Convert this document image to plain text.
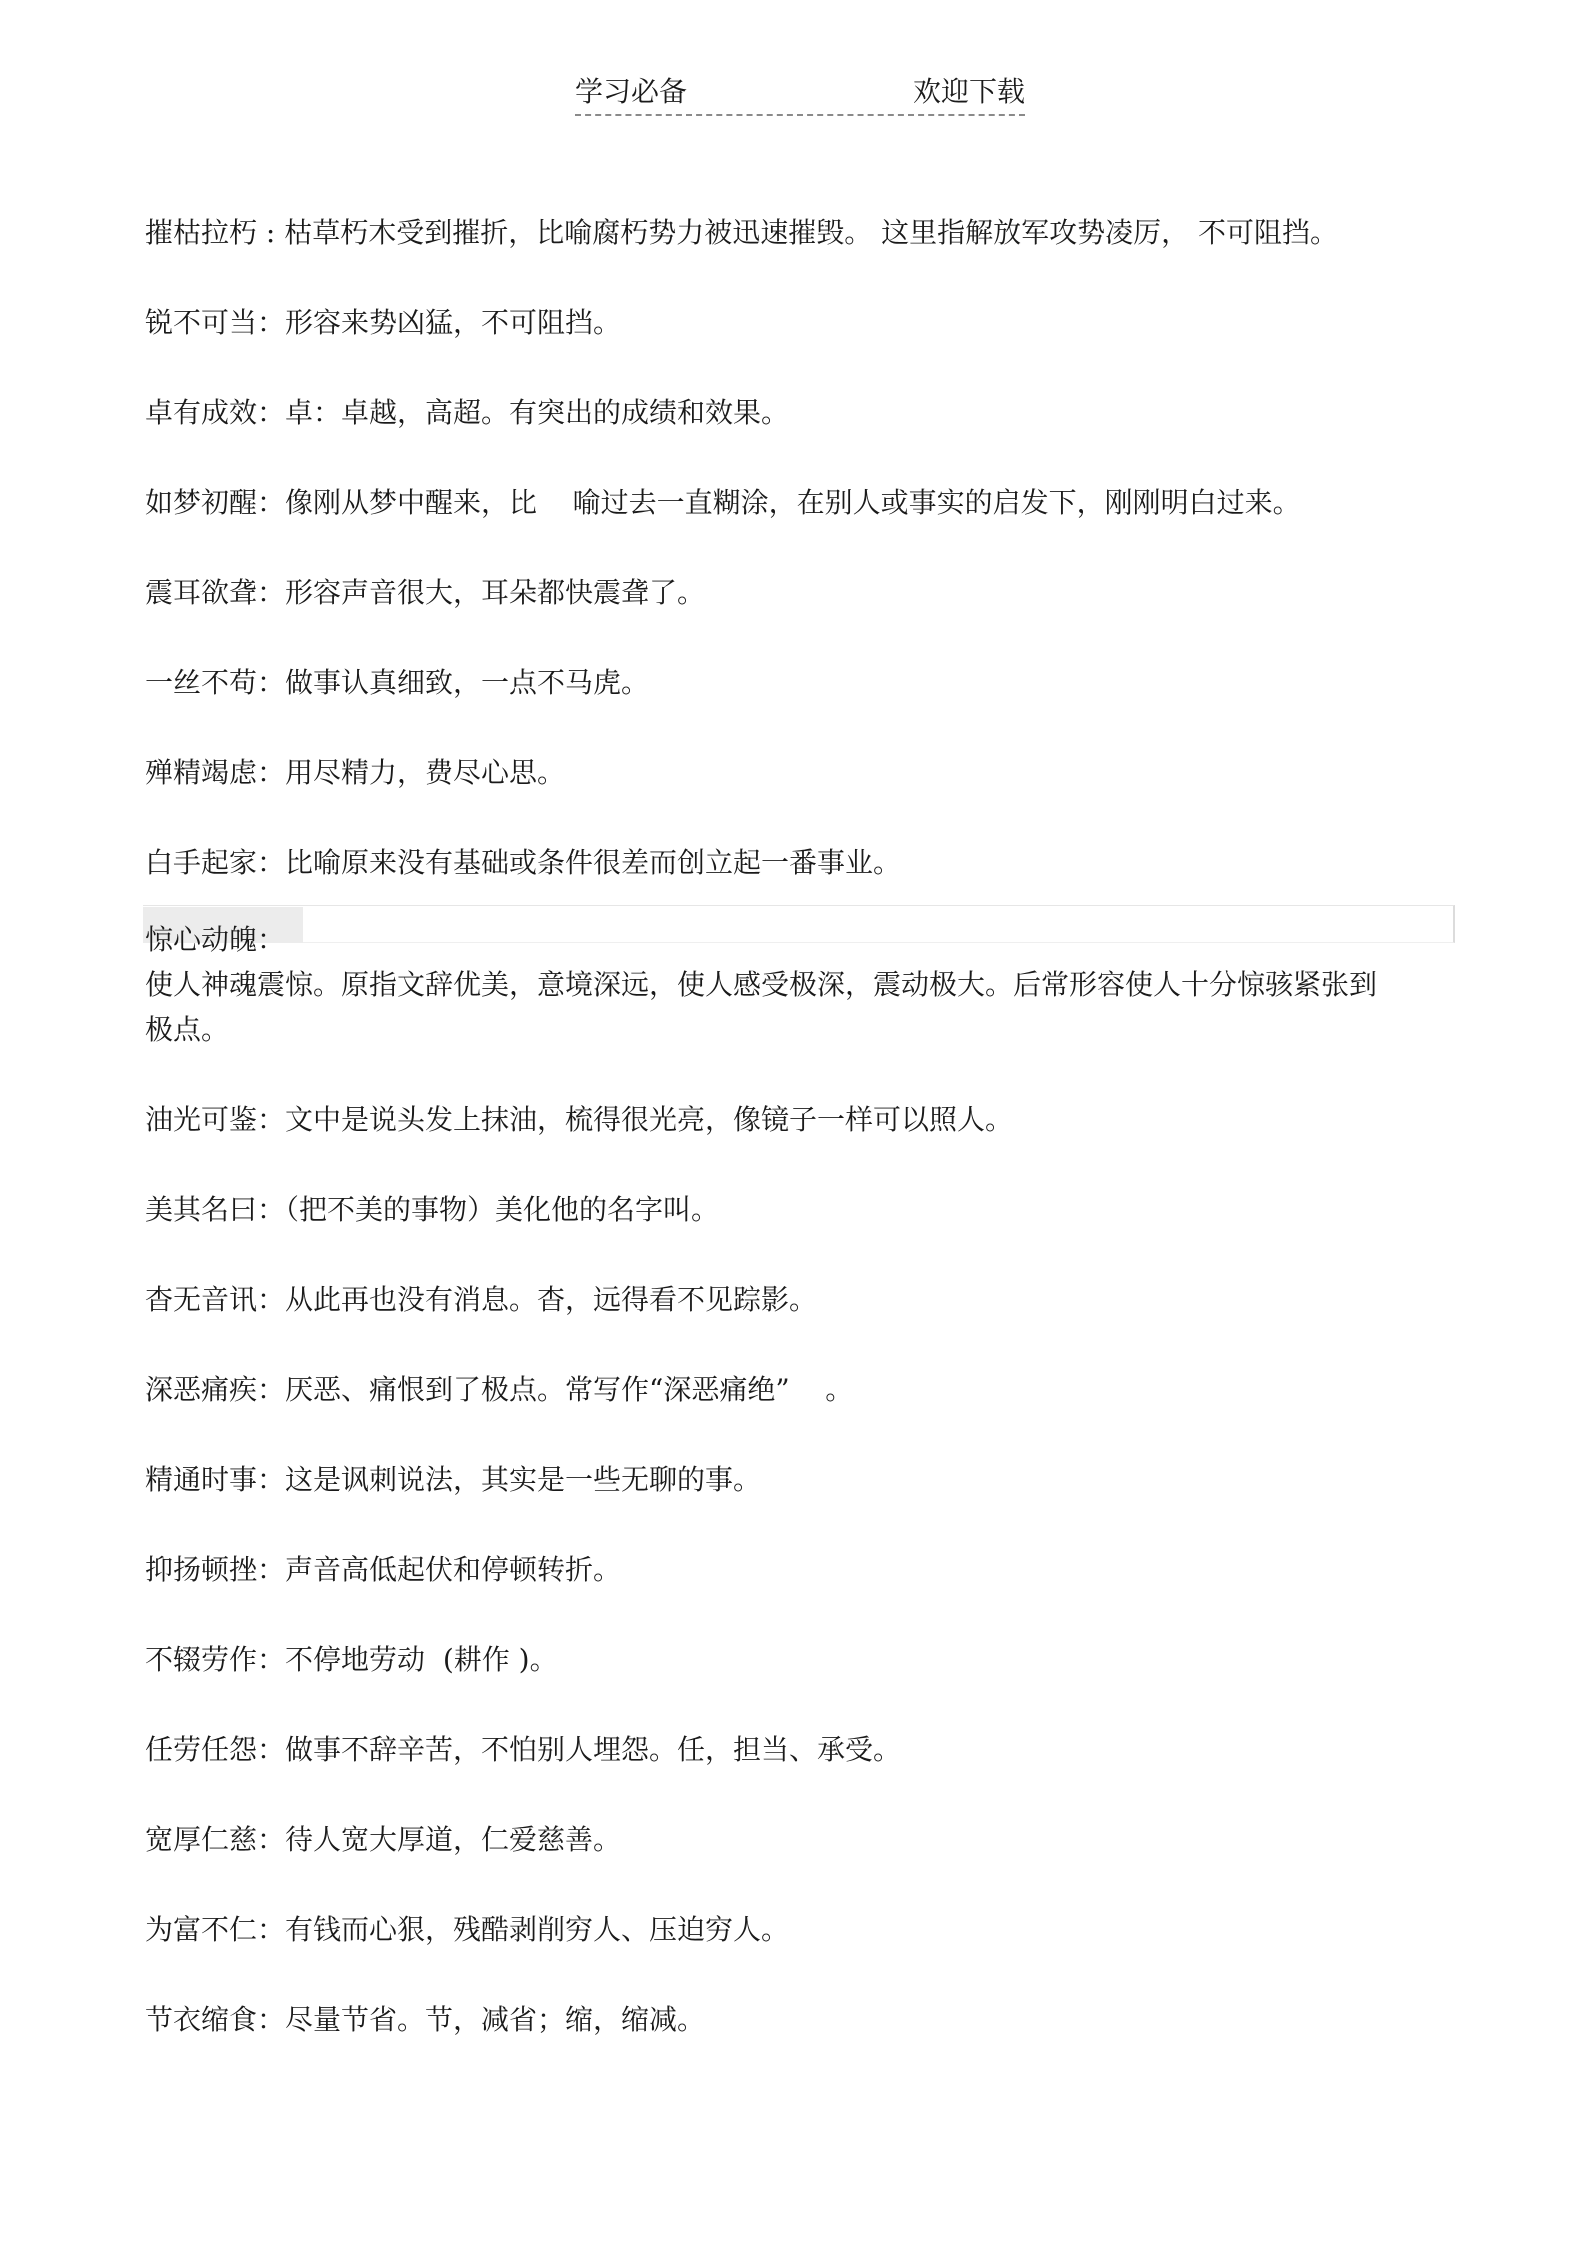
学习必备	欢迎下载
摧枯拉朽 : 枯草朽木受到摧折，比喻腐朽势力被迅速摧毁。 这里指解放军攻势凌厉， 不可阻挡。
锐不可当：形容来势凶猛，不可阻挡。
卓有成效：卓：卓越，高超。有突出的成绩和效果。
如梦初醒：像刚从梦中醒来，比    喻过去一直糊涂，在别人或事实的启发下，刚刚明白过来。
震耳欲聋：形容声音很大，耳朵都快震聋了。
一丝不苟：做事认真细致，一点不马虎。
殚精竭虑：用尽精力，费尽心思。
白手起家：比喻原来没有基础或条件很差而创立起一番事业。
惊心动魄：
使人神魂震惊。原指文辞优美，意境深远，使人感受极深，震动极大。后常形容使人十分惊骇紧张到极点。
油光可鉴：文中是说头发上抹油，梳得很光亮，像镜子一样可以照人。
美其名曰：（把不美的事物）美化他的名字叫。
杳无音讯：从此再也没有消息。杳，远得看不见踪影。
深恶痛疾：厌恶、痛恨到了极点。常写作“深恶痛绝”    。
精通时事：这是讽刺说法，其实是一些无聊的事。
抑扬顿挫：声音高低起伏和停顿转折。
不辍劳作：不停地劳动  (耕作 )。
任劳任怨：做事不辞辛苦，不怕别人埋怨。任，担当、承受。
宽厚仁慈：待人宽大厚道，仁爱慈善。
为富不仁：有钱而心狠，残酷剥削穷人、压迫穷人。
节衣缩食：尽量节省。节，减省；缩，缩减。
